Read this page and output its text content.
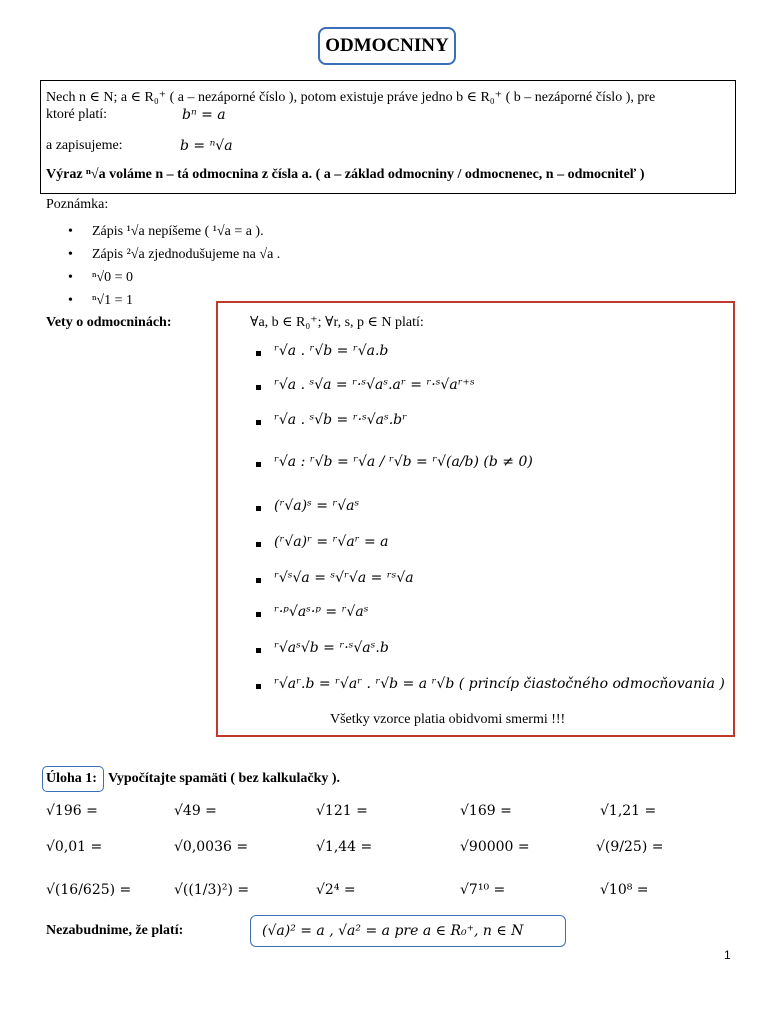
ODMOCNINY
Nech n ∈ N; a ∈ R₀⁺ ( a – nezáporné číslo ), potom existuje práve jedno b ∈ R₀⁺ ( b – nezáporné číslo ), pre
ktoré platí:	bⁿ = a
a zapisujeme:	b = ⁿ√a
Výraz ⁿ√a voláme n – tá odmocnina z čísla a. ( a – základ odmocniny / odmocnenec, n – odmocniteľ )
Poznámka:
• Zápis ¹√a nepíšeme ( ¹√a = a ).
• Zápis ²√a zjednodušujeme na √a .
• ⁿ√0 = 0
• ⁿ√1 = 1
Vety o odmocninách:	∀a, b ∈ R₀⁺; ∀r, s, p ∈ N platí:
ʳ√a . ʳ√b = ʳ√a.b
ʳ√a . ˢ√a = ʳ·ˢ√aˢ.aʳ = ʳ·ˢ√aʳ⁺ˢ
ʳ√a . ˢ√b = ʳ·ˢ√aˢ.bʳ
ʳ√a : ʳ√b = ʳ√a / ʳ√b = ʳ√(a/b) (b ≠ 0)
(ʳ√a)ˢ = ʳ√aˢ
(ʳ√a)ʳ = ʳ√aʳ = a
ʳ√ˢ√a = ˢ√ʳ√a = ʳˢ√a
ʳ·ᵖ√aˢ·ᵖ = ʳ√aˢ
ʳ√aˢ√b = ʳ·ˢ√aˢ.b
ʳ√aʳ.b = ʳ√aʳ . ʳ√b = a ʳ√b ( princíp čiastočného odmocňovania )
Všetky vzorce platia obidvomi smermi !!!
Úloha 1: Vypočítajte spamäti ( bez kalkulačky ).
√196 =	√49 =	√121 =	√169 =	√1,21 =
√0,01 =	√0,0036 =	√1,44 =	√90000 =	√(9/25) =
√(16/625) =	√((1/3)²) =	√2⁴ =	√7¹⁰ =	√10⁸ =
Nezabudnime, že platí:	(√a)² = a , √a² = a pre a ∈ R₀⁺, n ∈ N
1
